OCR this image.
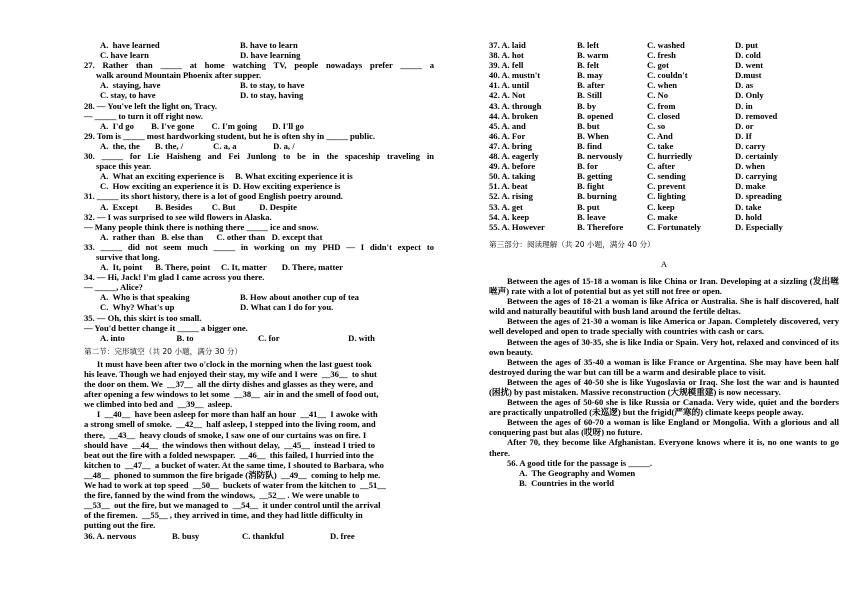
A.  have learned	B. have to learn
C. have learn	D. have learning
27. Rather than _____ at home watching TV, people nowadays prefer _____ a
walk around Mountain Phoenix after supper.
A.  staying, have	B. to stay, to have
C. stay, to have	D. to stay, having
28. — You've left the light on, Tracy.
— _____ to turn it off right now.
A.  I'd go B. I've gone C. I'm going D. I'll go
29. Tom is _____ most hardworking student, but he is often shy in _____ public.
A.  the, the B. the, /	C. a, a	D. a, /
30. _____ for Lie Haisheng and Fei Junlong to be in the spaceship traveling in
space this year.
A.  What an exciting experience is     B. What exciting experience it is
C.  How exciting an experience it is  D. How exciting experience is
31. _____ its short history, there is a lot of good English poetry around.
A.  Except B. Besides C. But	D. Despite
32. — I was surprised to see wild flowers in Alaska.
— Many people think there is nothing there _____ ice and snow.
A.  rather than B. else than C. other than D. except that
33. _____ did not seem much _____ in working on my PHD — I didn't expect to
survive that long.
A.  It, point B. There, point C. It, matter D. There, matter
34. — Hi, Jack! I'm glad I came across you there.
— _____, Alice?
A.  Who is that speaking	B. How about another cup of tea
C.  Why? What's up	D. What can I do for you.
35. — Oh, this skirt is too small.
— You'd better change it _____ a bigger one.
A. into	B. to	C. for	D. with
第二节：完形填空（共 20 小题，满分 30 分）
It must have been after two o'clock in the morning when the last guest took
his leave. Though we had enjoyed their stay, my wife and I were  __36__  to shut
the door on them. We  __37__  all the dirty dishes and glasses as they were, and
after opening a few windows to let some  __38__  air in and the smell of food out,
we climbed into bed and  __39__  asleep.
I  __40__  have been asleep for more than half an hour  __41__  I awoke with
a strong smell of smoke.  __42__  half asleep, I stepped into the living room, and
there,  __43__  heavy clouds of smoke, I saw one of our curtains was on fire. I
should have  __44__  the windows then without delay,  __45__  instead I tried to
beat out the fire with a folded newspaper.  __46__  this failed, I hurried into the
kitchen to  __47__  a bucket of water. At the same time, I shouted to Barbara, who
__48__  phoned to summon the fire brigade (消防队)  __49__  coming to help me.
We had to work at top speed  __50__  buckets of water from the kitchen to  __51__
the fire, fanned by the wind from the windows,  __52__ . We were unable to
__53__  out the fire, but we managed to  __54__  it under control until the arrival
of the firemen.  __55__ , they arrived in time, and they had little difficulty in
putting out the fire.
36. A. nervous	B. busy	C. thankful	D. free
37. A. laid	B. left	C. washed	D. put
38. A. hot	B. warm	C. fresh	D. cold
39. A. fell	B. felt	C. got	D. went
40. A. mustn't	B. may	C. couldn't	D.must
41. A. until	B. after	C. when	D. as
42. A. Not	B. Still	C. No	D. Only
43. A. through	B. by	C. from	D. in
44. A. broken	B. opened	C. closed	D. removed
45. A. and	B. but	C. so	D. or
46. A. For	B. When	C. And	D. If
47. A. bring	B. find	C. take	D. carry
48. A. eagerly	B. nervously	C. hurriedly	D. certainly
49. A. before	B. for	C. after	D. when
50. A. taking	B. getting	C. sending	D. carrying
51. A. beat	B. fight	C. prevent	D. make
52. A. rising	B. burning	C. lighting	D. spreading
53. A. get	B. put	C. keep	D. take
54. A. keep	B. leave	C. make	D. hold
55. A. However	B. Therefore	C. Fortunately	D. Especially
第三部分：阅读理解（共 20 小题，满分 40 分）
A

Between the ages of 15-18 a woman is like China or Iran. Developing at a sizzling (发出咝咝声) rate with a lot of potential but as yet still not free or open.

Between the ages of 18-21 a woman is like Africa or Australia. She is half discovered, half wild and naturally beautiful with bush land around the fertile deltas.

Between the ages of 21-30 a woman is like America or Japan. Completely discovered, very well developed and open to trade specially with countries with cash or cars.

Between the ages of 30-35, she is like India or Spain. Very hot, relaxed and convinced of its own beauty.

Between the ages of 35-40 a woman is like France or Argentina. She may have been half destroyed during the war but can till be a warm and desirable place to visit.

Between the ages of 40-50 she is like Yugoslavia or Iraq. She lost the war and is haunted (困扰) by past mistaken. Massive reconstruction (大规模重建) is now necessary.

Between the ages of 50-60 she is like Russia or Canada. Very wide, quiet and the borders are practically unpatrolled (未巡逻) but the frigid(严寒的) climate keeps people away.

Between the ages of 60-70 a woman is like England or Mongolia. With a glorious and all conquering past but alas (哎呀) no future.

After 70, they become like Afghanistan. Everyone knows where it is, no one wants to go there.

56. A good title for the passage is _____.
A.  The Geography and Women
B.  Countries in the world
